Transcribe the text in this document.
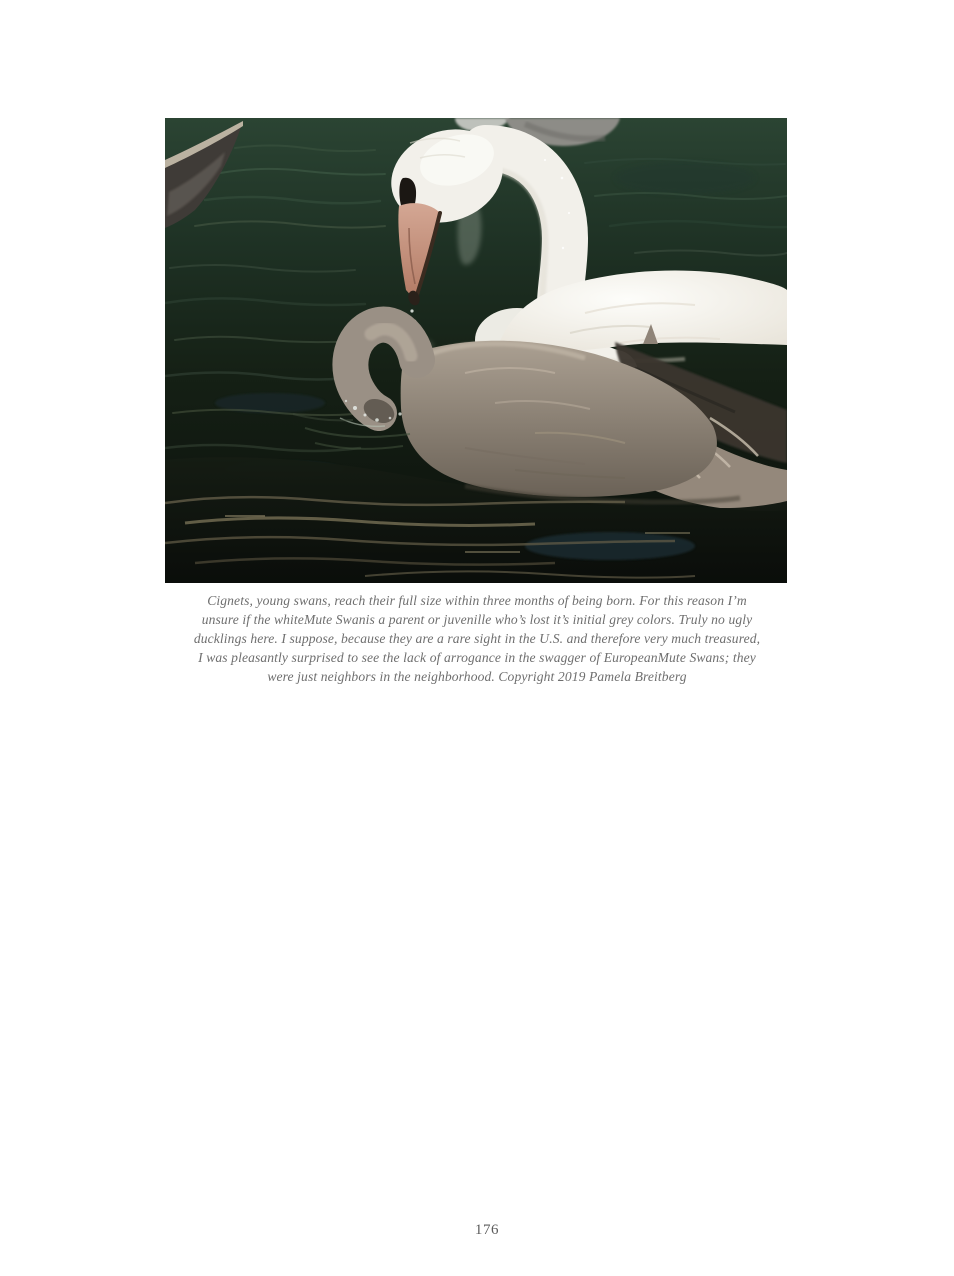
Cignets, young swans, reach their full size within three months of being born. For this reason I’m
unsure if the whiteMute Swanis a parent or juvenille who’s lost it’s initial grey colors. Truly no ugly
ducklings here. I suppose, because they are a rare sight in the U.S. and therefore very much treasured,
I was pleasantly surprised to see the lack of arrogance in the swagger of EuropeanMute Swans; they
were just neighbors in the neighborhood. Copyright 2019 Pamela Breitberg
176
